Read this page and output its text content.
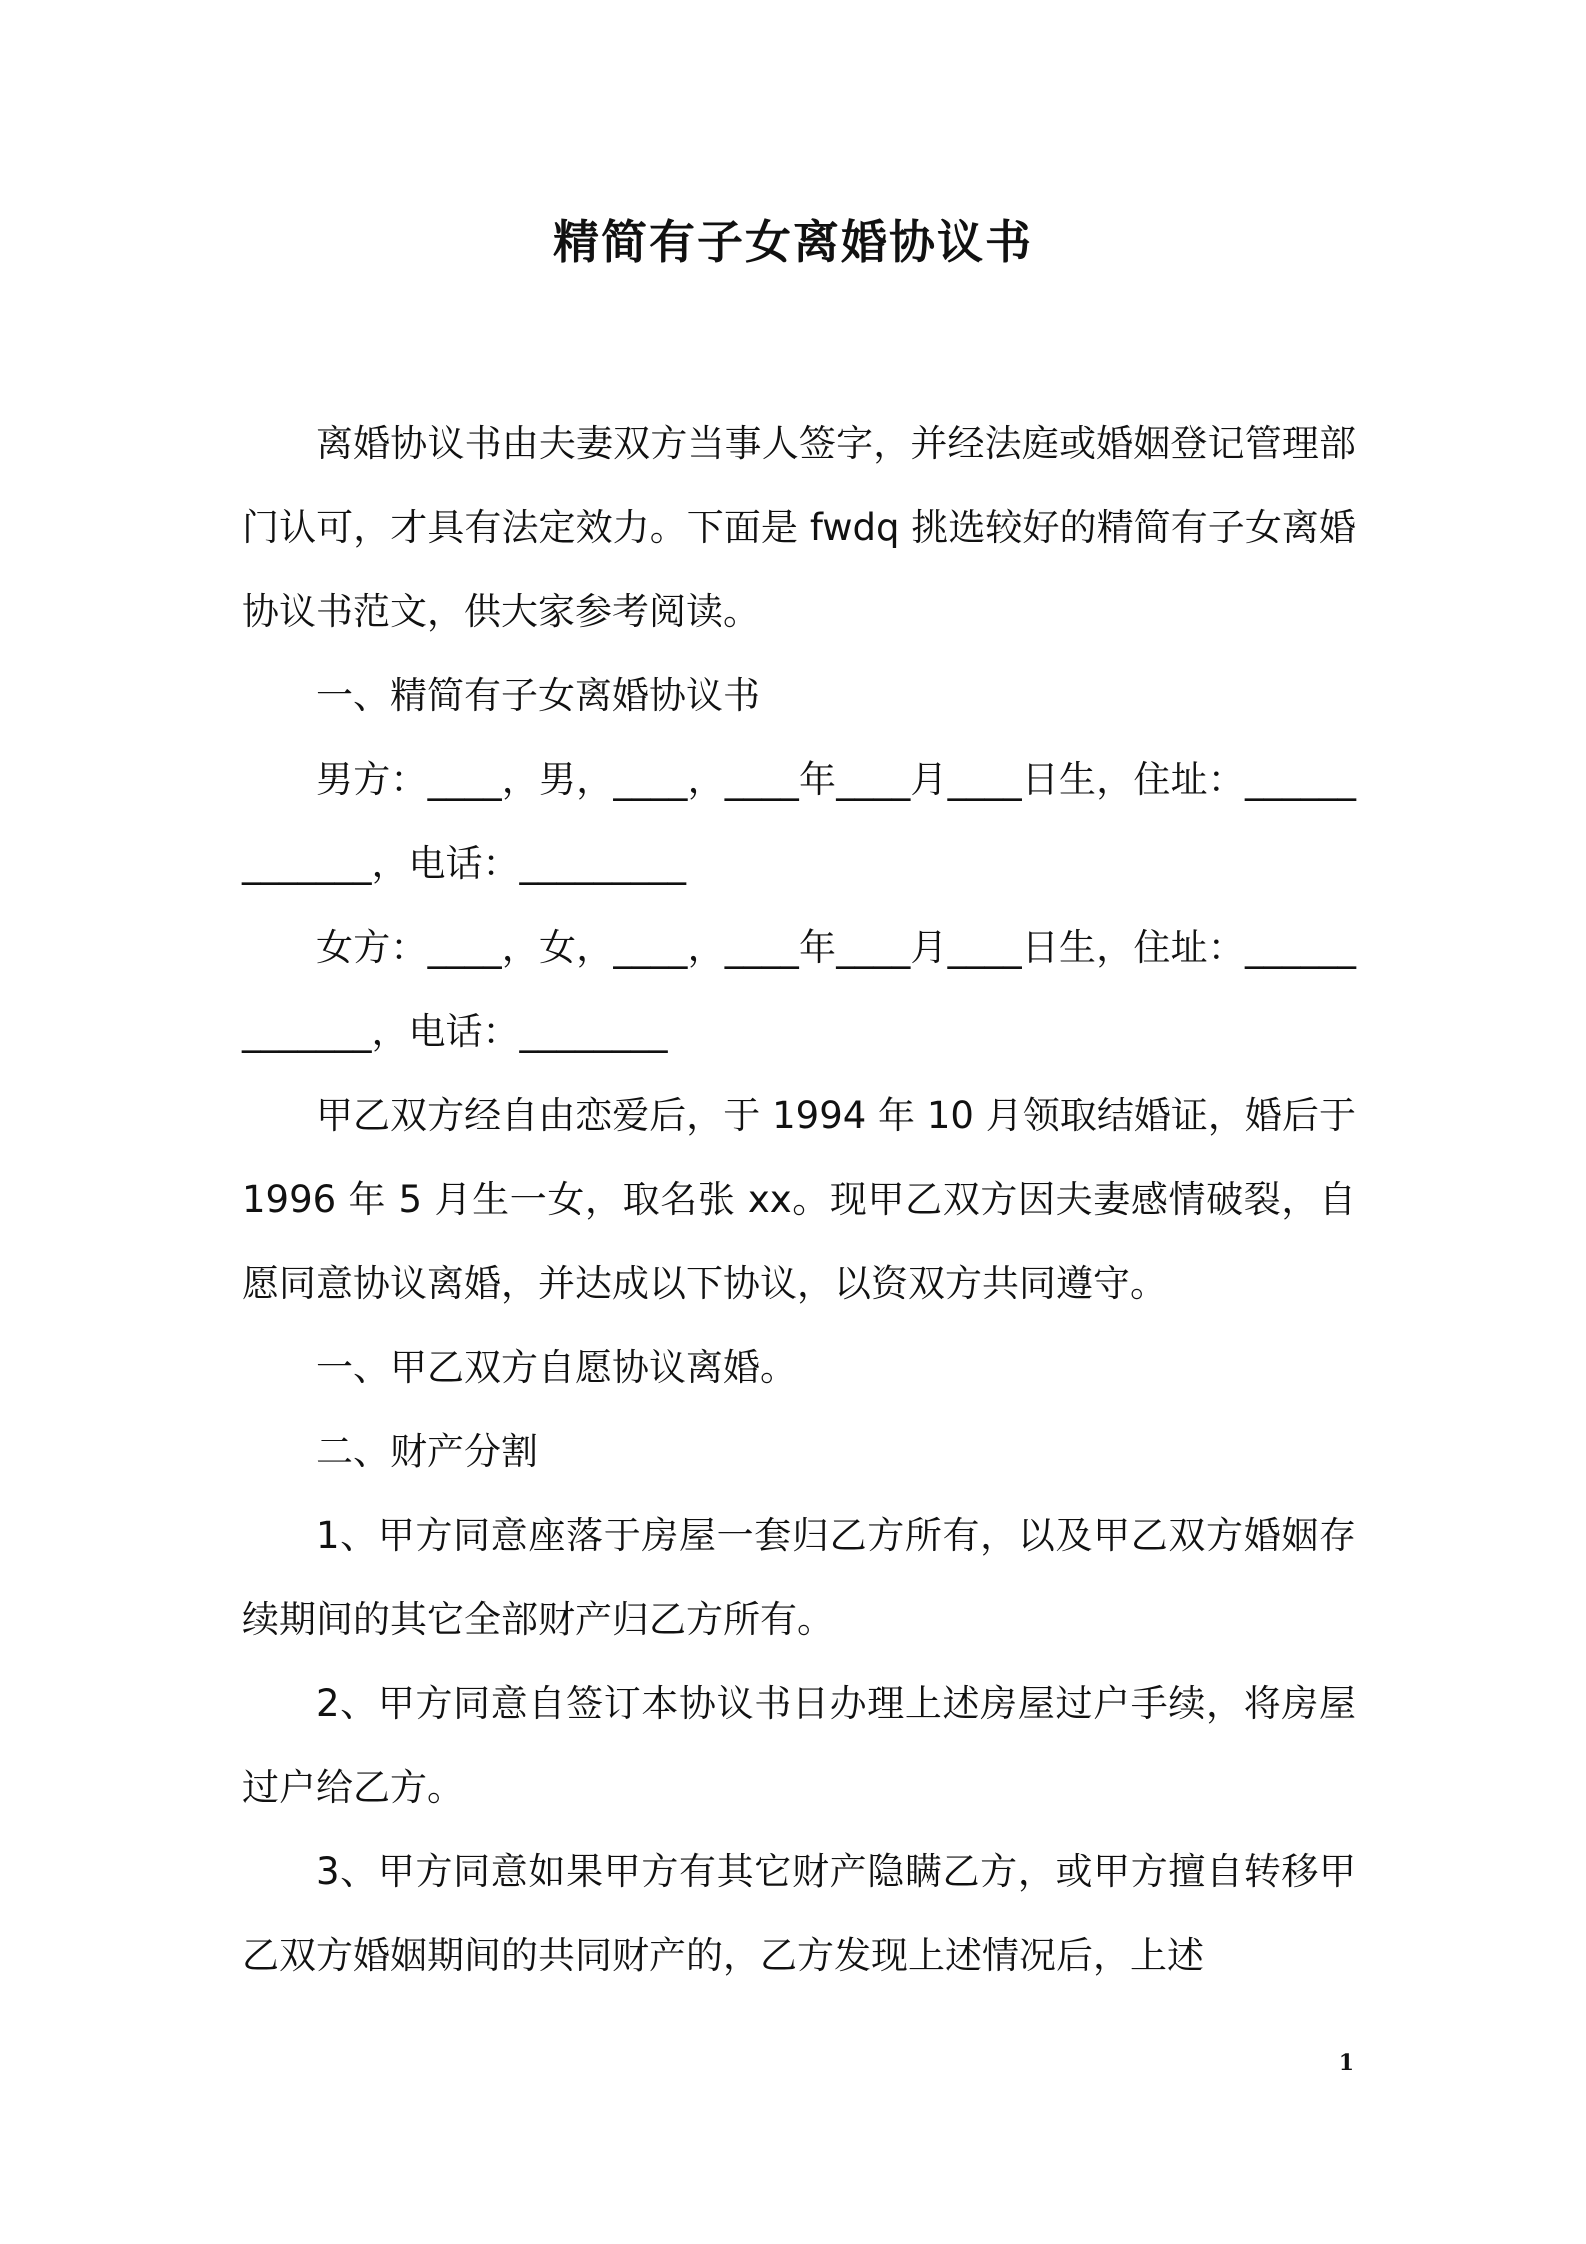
精简有子女离婚协议书

离婚协议书由夫妻双方当事人签字，并经法庭或婚姻登记管理部门认可，才具有法定效力。下面是 fwdq 挑选较好的精简有子女离婚协议书范文，供大家参考阅读。

一、精简有子女离婚协议书

男方：____，男，____，____年____月____日生，住址：_____________，电话：_________

女方：____，女，____，____年____月____日生，住址：_____________，电话：________

甲乙双方经自由恋爱后，于 1994 年 10 月领取结婚证，婚后于 1996 年 5 月生一女，取名张 xx。现甲乙双方因夫妻感情破裂，自愿同意协议离婚，并达成以下协议，以资双方共同遵守。

一、甲乙双方自愿协议离婚。

二、财产分割

1、甲方同意座落于房屋一套归乙方所有，以及甲乙双方婚姻存续期间的其它全部财产归乙方所有。

2、甲方同意自签订本协议书日办理上述房屋过户手续，将房屋过户给乙方。

3、甲方同意如果甲方有其它财产隐瞒乙方，或甲方擅自转移甲乙双方婚姻期间的共同财产的，乙方发现上述情况后，上述

1
